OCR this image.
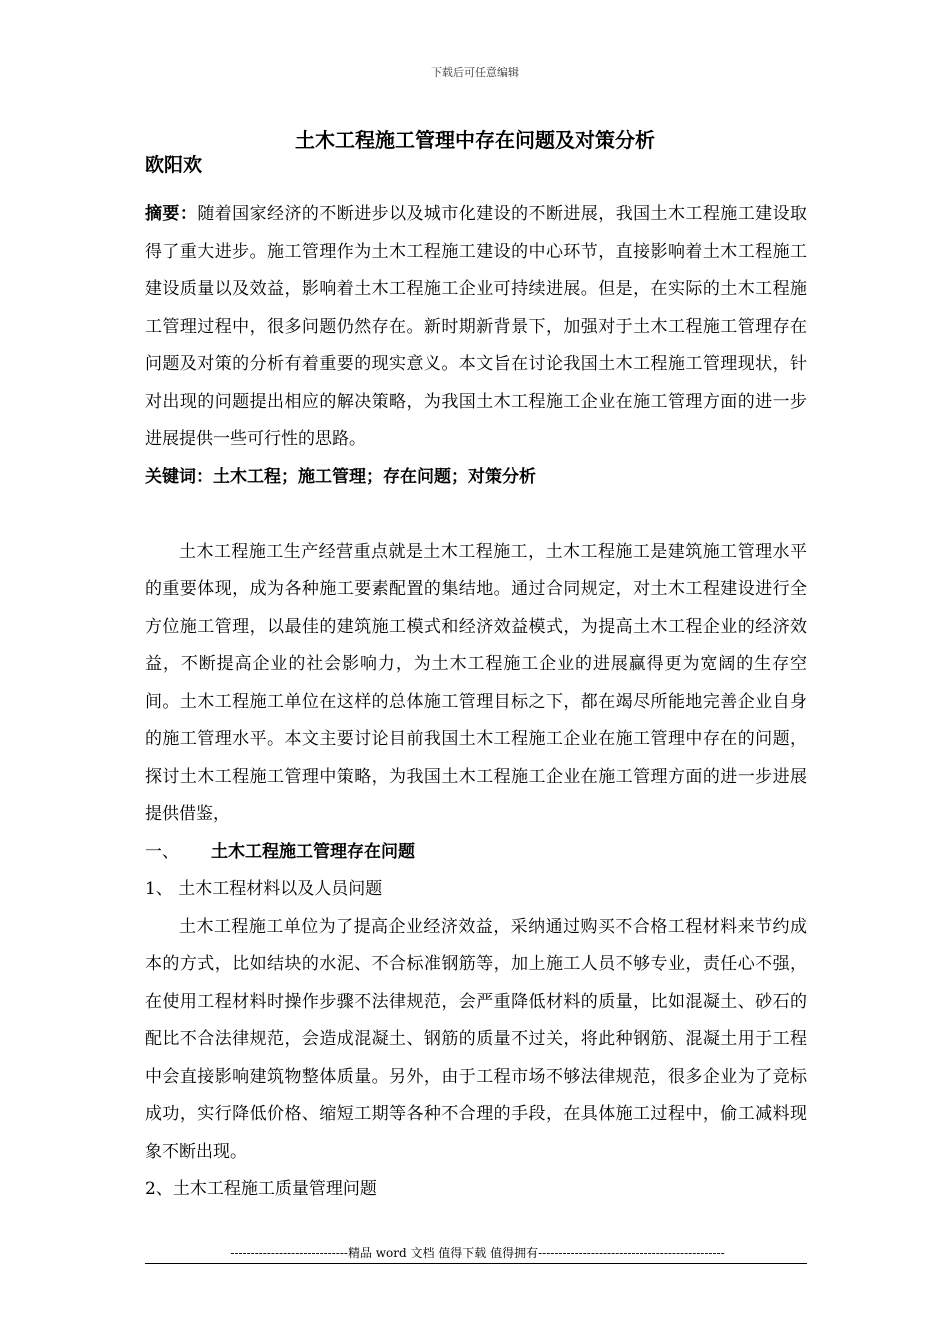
下载后可任意编辑
土木工程施工管理中存在问题及对策分析
欧阳欢

摘要：随着国家经济的不断进步以及城市化建设的不断进展，我国土木工程施工建设取得了重大进步。施工管理作为土木工程施工建设的中心环节，直接影响着土木工程施工建设质量以及效益，影响着土木工程施工企业可持续进展。但是，在实际的土木工程施工管理过程中，很多问题仍然存在。新时期新背景下，加强对于土木工程施工管理存在问题及对策的分析有着重要的现实意义。本文旨在讨论我国土木工程施工管理现状，针对出现的问题提出相应的解决策略，为我国土木工程施工企业在施工管理方面的进一步进展提供一些可行性的思路。

关键词：土木工程；施工管理；存在问题；对策分析

土木工程施工生产经营重点就是土木工程施工，土木工程施工是建筑施工管理水平的重要体现，成为各种施工要素配置的集结地。通过合同规定，对土木工程建设进行全方位施工管理，以最佳的建筑施工模式和经济效益模式，为提高土木工程企业的经济效益，不断提高企业的社会影响力，为土木工程施工企业的进展赢得更为宽阔的生存空间。土木工程施工单位在这样的总体施工管理目标之下，都在竭尽所能地完善企业自身的施工管理水平。本文主要讨论目前我国土木工程施工企业在施工管理中存在的问题，探讨土木工程施工管理中策略，为我国土木工程施工企业在施工管理方面的进一步进展提供借鉴，

一、 土木工程施工管理存在问题

1、 土木工程材料以及人员问题

土木工程施工单位为了提高企业经济效益，采纳通过购买不合格工程材料来节约成本的方式，比如结块的水泥、不合标准钢筋等，加上施工人员不够专业，责任心不强，在使用工程材料时操作步骤不法律规范，会严重降低材料的质量，比如混凝土、砂石的配比不合法律规范，会造成混凝土、钢筋的质量不过关，将此种钢筋、混凝土用于工程中会直接影响建筑物整体质量。另外，由于工程市场不够法律规范，很多企业为了竞标成功，实行降低价格、缩短工期等各种不合理的手段，在具体施工过程中，偷工减料现象不断出现。

2、土木工程施工质量管理问题

-----------------------------精品 word 文档 值得下载 值得拥有----------------------------------------------
